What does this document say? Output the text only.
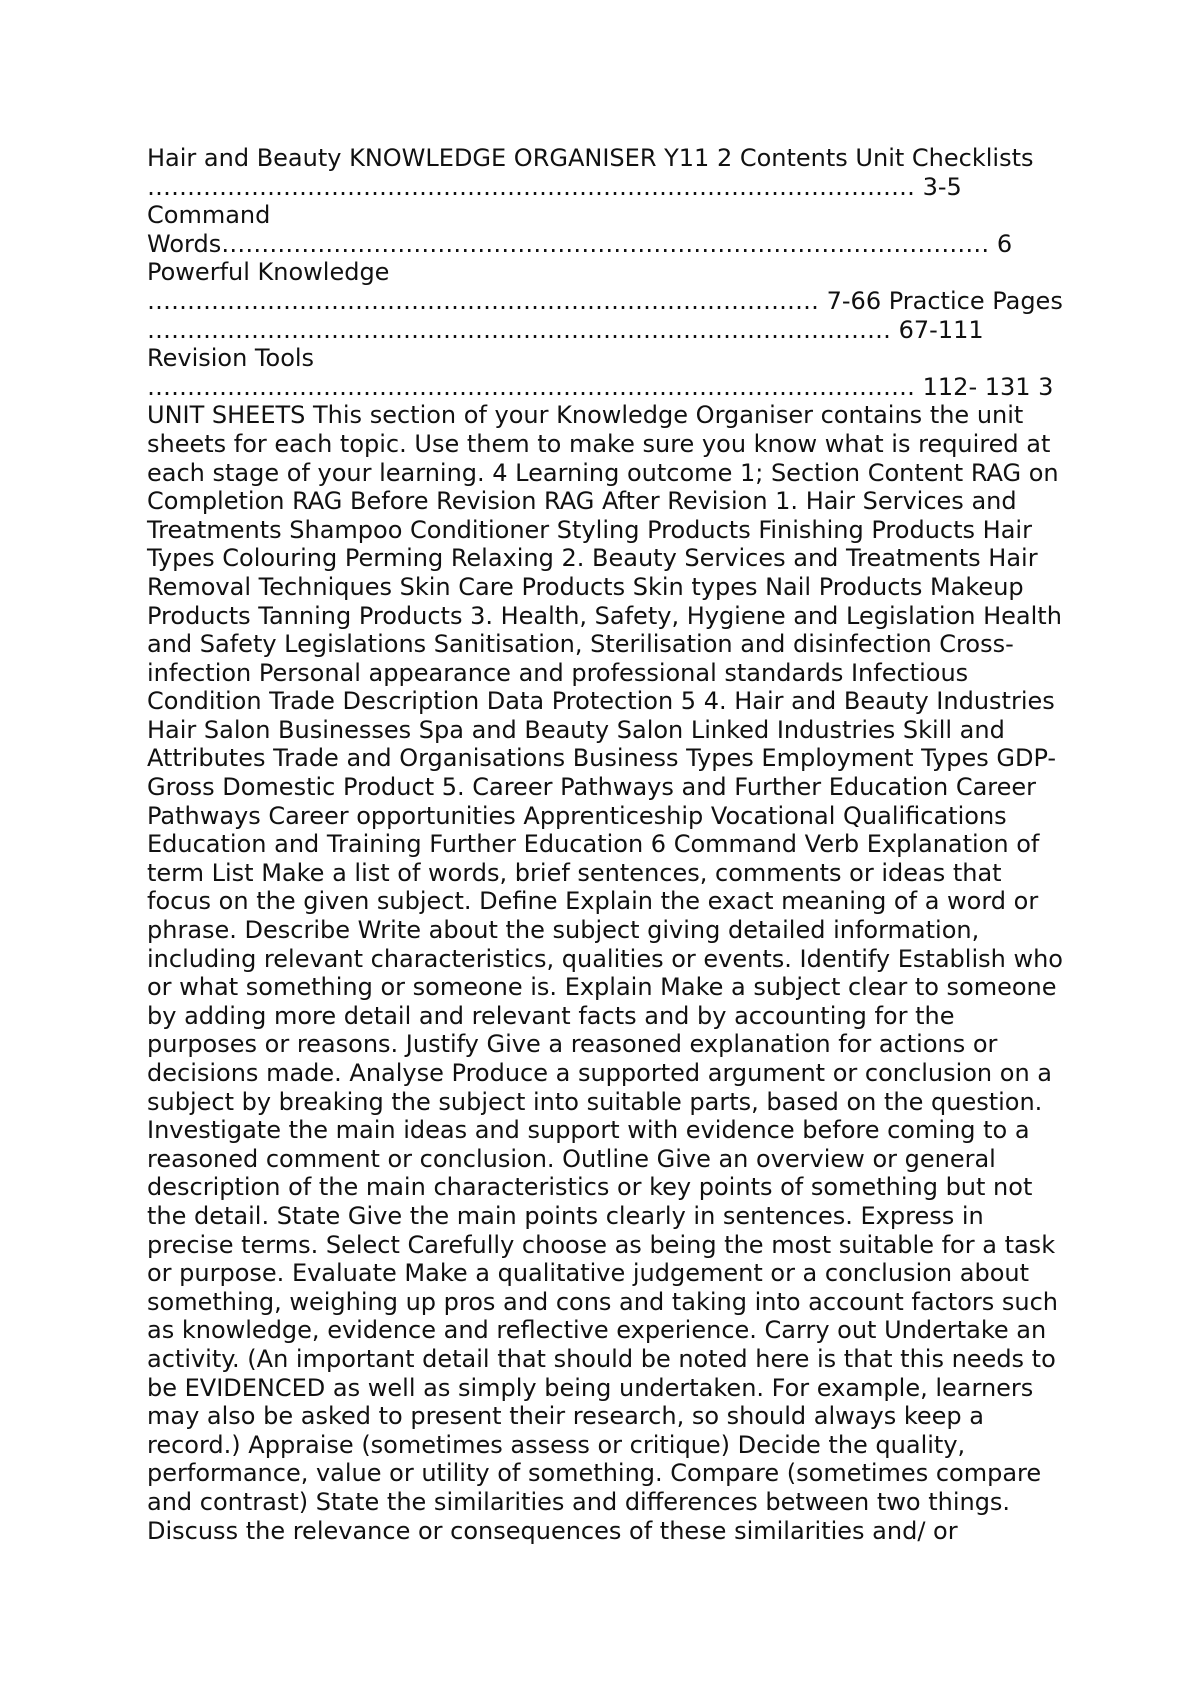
Hair and Beauty KNOWLEDGE ORGANISER Y11 2 Contents Unit Checklists …………………………………………………………………………………… 3-5 Command Words…………………………………………………………………………………… 6 Powerful Knowledge ………………………………………………………………………… 7-66 Practice Pages ………………………………………………………………………………… 67-111 Revision Tools …………………………………………………………………………………… 112- 131 3 UNIT SHEETS This section of your Knowledge Organiser contains the unit sheets for each topic. Use them to make sure you know what is required at each stage of your learning. 4 Learning outcome 1; Section Content RAG on Completion RAG Before Revision RAG After Revision 1. Hair Services and Treatments Shampoo Conditioner Styling Products Finishing Products Hair Types Colouring Perming Relaxing 2. Beauty Services and Treatments Hair Removal Techniques Skin Care Products Skin types Nail Products Makeup Products Tanning Products 3. Health, Safety, Hygiene and Legislation Health and Safety Legislations Sanitisation, Sterilisation and disinfection Cross-infection Personal appearance and professional standards Infectious Condition Trade Description Data Protection 5 4. Hair and Beauty Industries Hair Salon Businesses Spa and Beauty Salon Linked Industries Skill and Attributes Trade and Organisations Business Types Employment Types GDP- Gross Domestic Product 5. Career Pathways and Further Education Career Pathways Career opportunities Apprenticeship Vocational Qualifications Education and Training Further Education 6 Command Verb Explanation of term List Make a list of words, brief sentences, comments or ideas that focus on the given subject. Define Explain the exact meaning of a word or phrase. Describe Write about the subject giving detailed information, including relevant characteristics, qualities or events. Identify Establish who or what something or someone is. Explain Make a subject clear to someone by adding more detail and relevant facts and by accounting for the purposes or reasons. Justify Give a reasoned explanation for actions or decisions made. Analyse Produce a supported argument or conclusion on a subject by breaking the subject into suitable parts, based on the question. Investigate the main ideas and support with evidence before coming to a reasoned comment or conclusion. Outline Give an overview or general description of the main characteristics or key points of something but not the detail. State Give the main points clearly in sentences. Express in precise terms. Select Carefully choose as being the most suitable for a task or purpose. Evaluate Make a qualitative judgement or a conclusion about something, weighing up pros and cons and taking into account factors such as knowledge, evidence and reflective experience. Carry out Undertake an activity. (An important detail that should be noted here is that this needs to be EVIDENCED as well as simply being undertaken. For example, learners may also be asked to present their research, so should always keep a record.) Appraise (sometimes assess or critique) Decide the quality, performance, value or utility of something. Compare (sometimes compare and contrast) State the similarities and differences between two things. Discuss the relevance or consequences of these similarities and/ or
